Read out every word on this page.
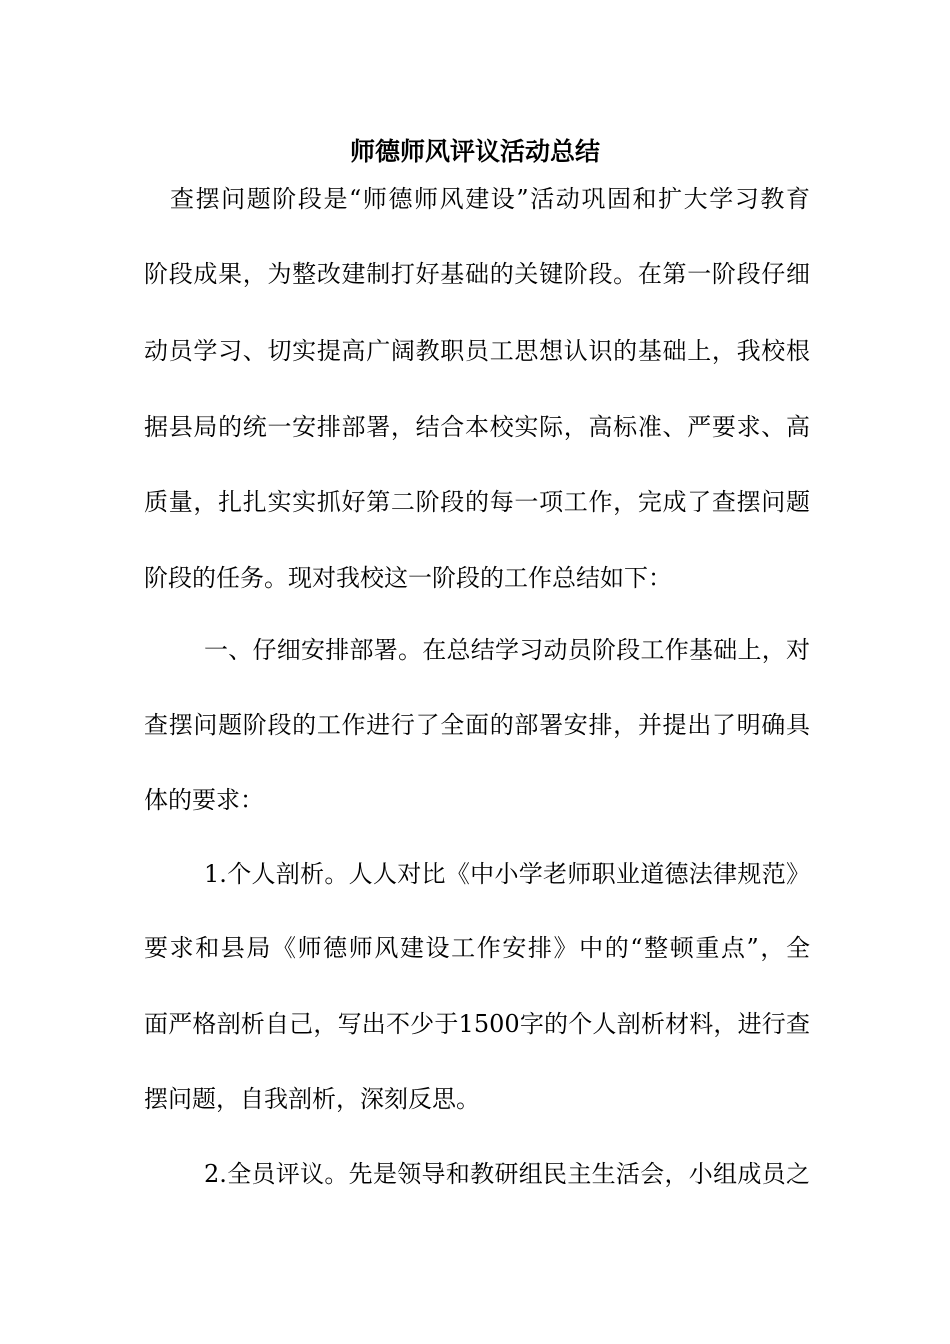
师德师风评议活动总结

查摆问题阶段是“师德师风建设”活动巩固和扩大学习教育

阶段成果，为整改建制打好基础的关键阶段。在第一阶段仔细

动员学习、切实提高广阔教职员工思想认识的基础上，我校根

据县局的统一安排部署，结合本校实际，高标准、严要求、高

质量，扎扎实实抓好第二阶段的每一项工作，完成了查摆问题

阶段的任务。现对我校这一阶段的工作总结如下：

一、仔细安排部署。在总结学习动员阶段工作基础上，对

查摆问题阶段的工作进行了全面的部署安排，并提出了明确具

体的要求：

1.个人剖析。人人对比《中小学老师职业道德法律规范》

要求和县局《师德师风建设工作安排》中的“整顿重点”，全

面严格剖析自己，写出不少于1500字的个人剖析材料，进行查

摆问题，自我剖析，深刻反思。

2.全员评议。先是领导和教研组民主生活会，小组成员之
